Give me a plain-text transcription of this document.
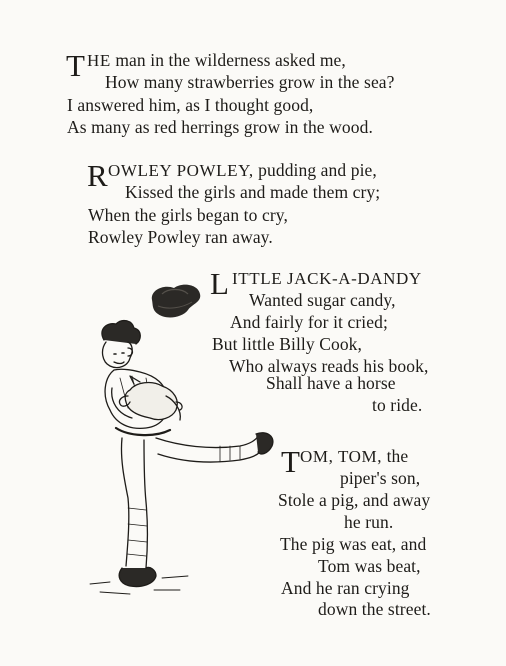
T HE man in the wilderness asked me,
How many strawberries grow in the sea?
I answered him, as I thought good,
As many as red herrings grow in the wood.
R OWLEY POWLEY, pudding and pie,
Kissed the girls and made them cry;
When the girls began to cry,
Rowley Powley ran away.
L ITTLE JACK-A-DANDY
Wanted sugar candy,
And fairly for it cried;
But little Billy Cook,
Who always reads his book,
Shall have a horse
to ride.
T OM, TOM, the
piper's son,
Stole a pig, and away
he run.
The pig was eat, and
Tom was beat,
And he ran crying
down the street.
